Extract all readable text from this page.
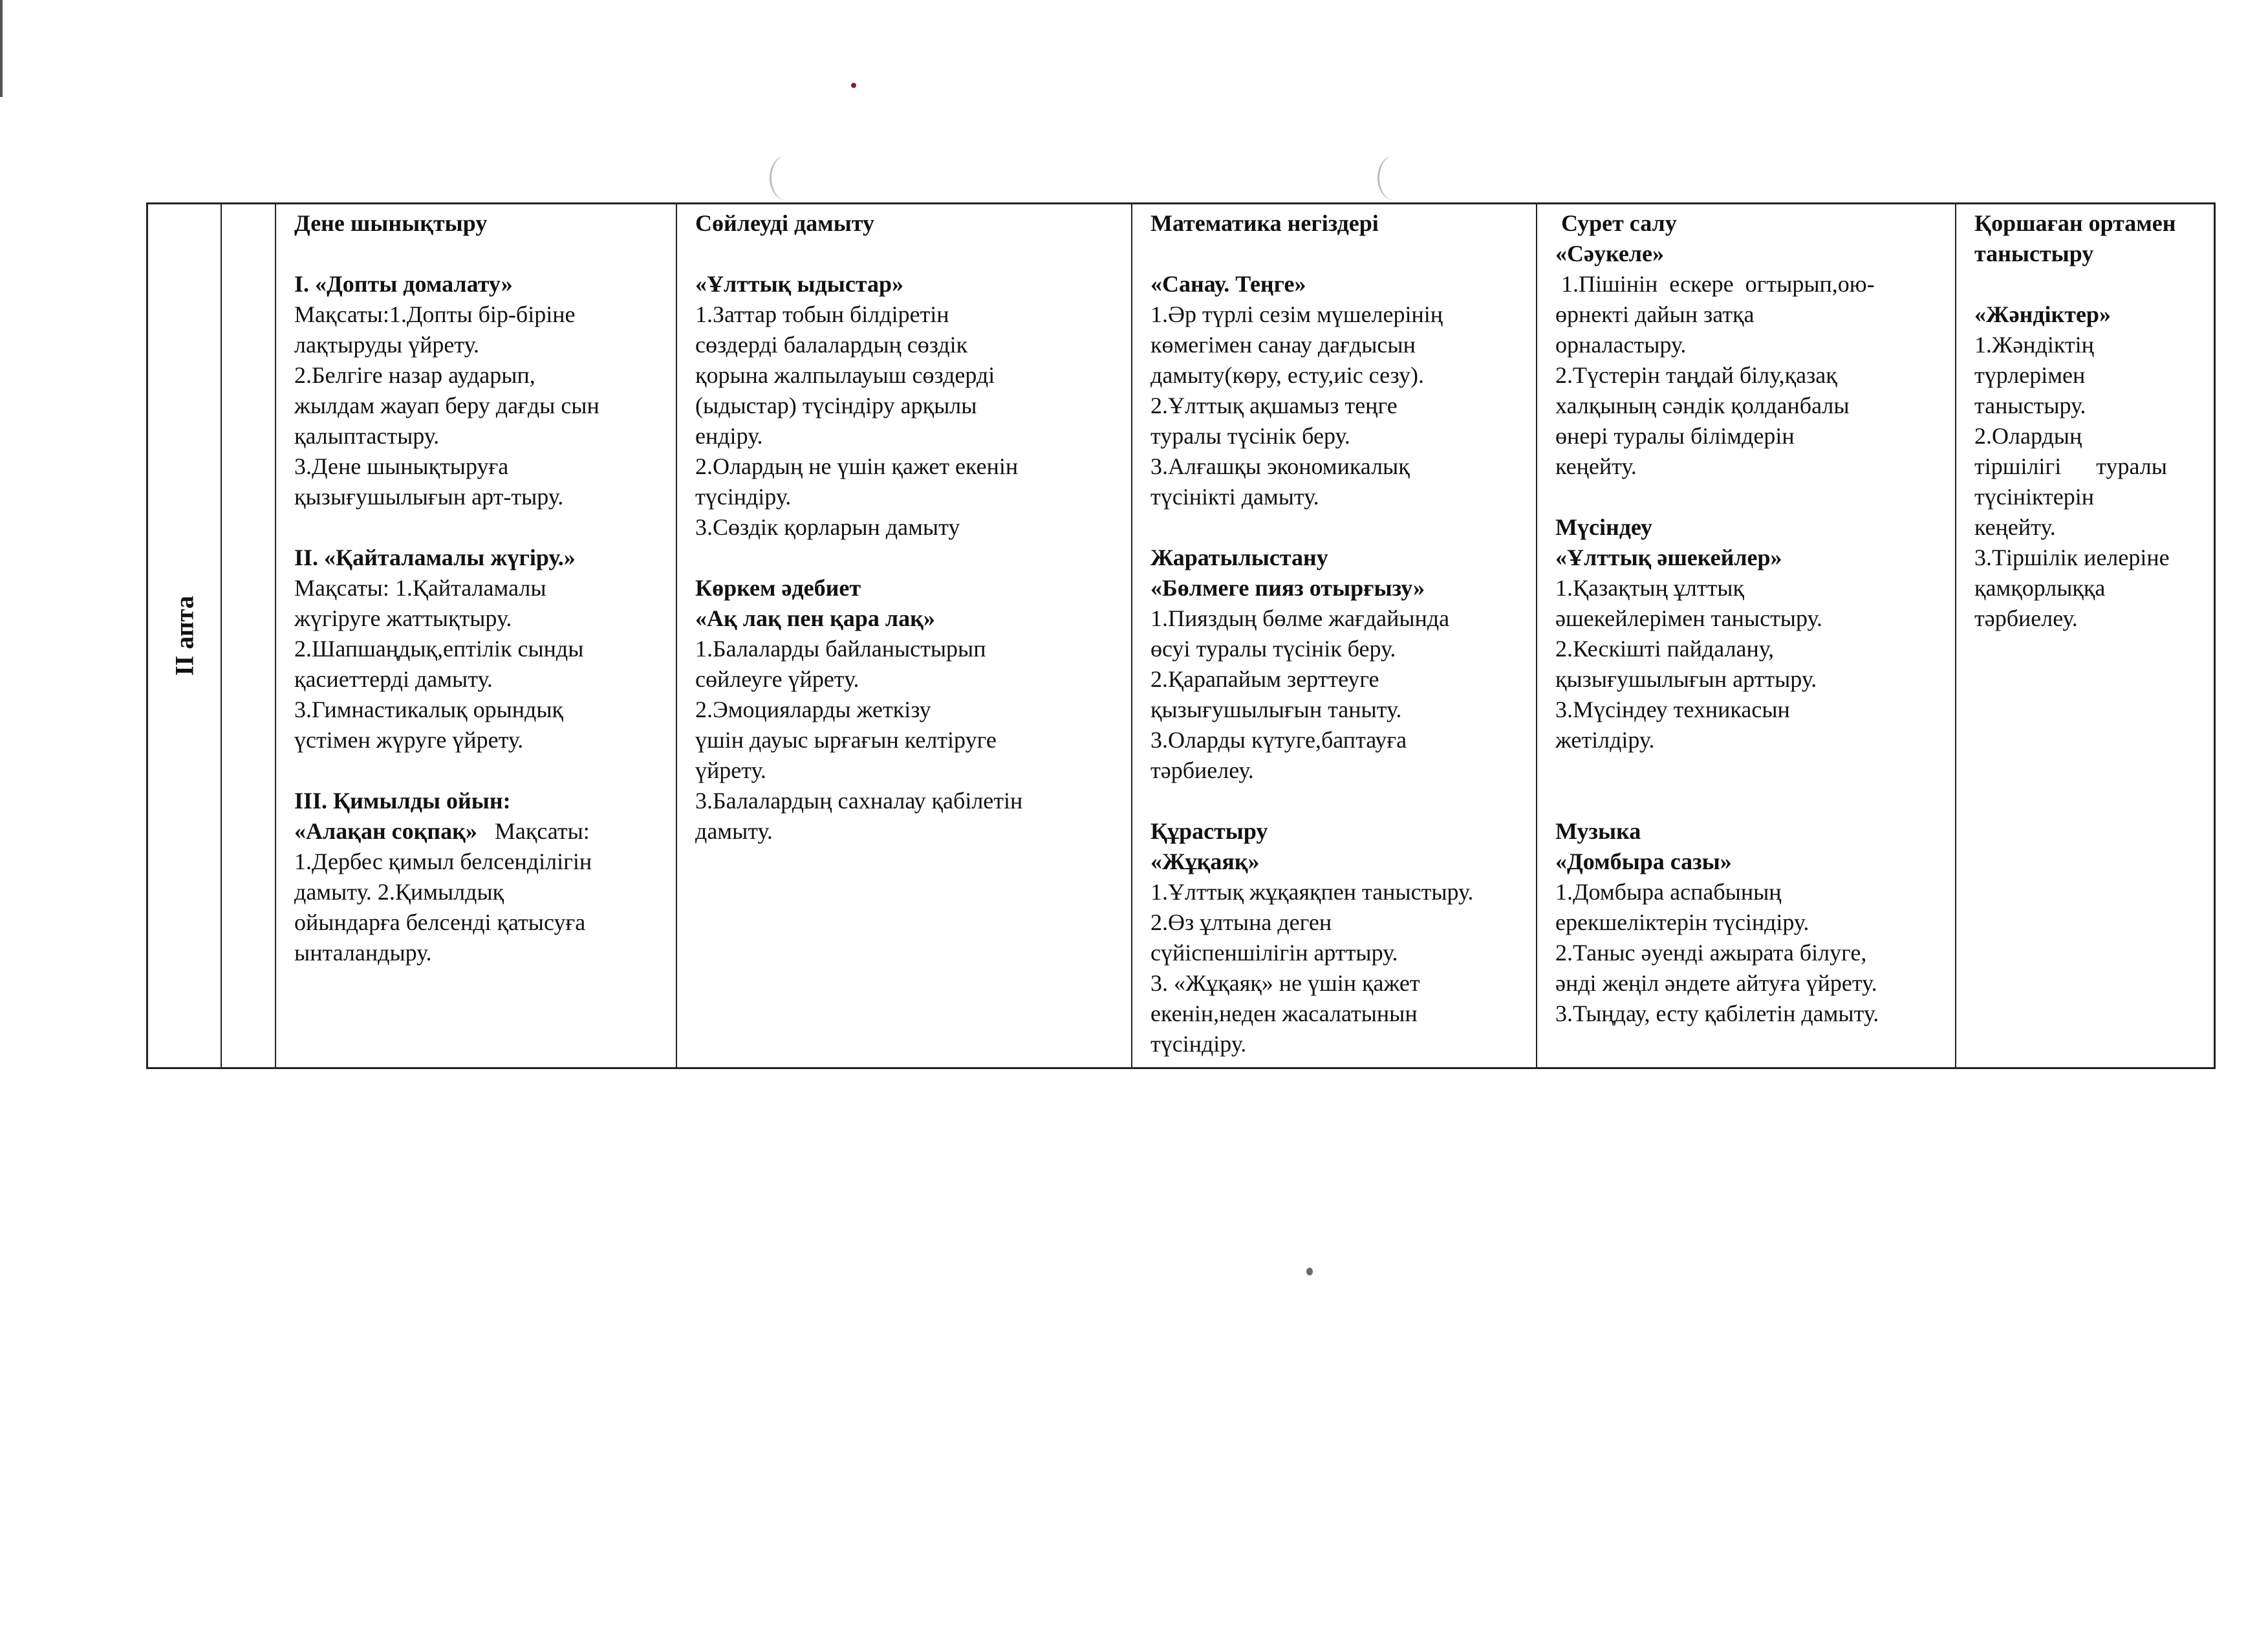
II апта

Дене шынықтыру

I. «Допты домалату»

Мақсаты:1.Допты бір-біріне

лақтыруды үйрету.

2.Белгіге назар аударып,

жылдам жауап беру дағды сын

қалыптастыру.

3.Дене шынықтыруға

қызығушылығын арт-тыру.

II. «Қайталамалы жүгіру.»

Мақсаты: 1.Қайталамалы

жүгіруге жаттықтыру.

2.Шапшаңдық,ептілік сынды

қасиеттерді дамыту.

3.Гимнастикалық орындық

үстімен жүруге үйрету.

III. Қимылды ойын:

«Алақан соқпақ»   Мақсаты:

1.Дербес қимыл белсенділігін

дамыту. 2.Қимылдық

ойындарға белсенді қатысуға

ынталандыру.

Сөйлеуді дамыту

«Ұлттық ыдыстар»

1.Заттар тобын білдіретін

сөздерді балалардың сөздік

қорына жалпылауыш сөздерді

(ыдыстар) түсіндіру арқылы

ендіру.

2.Олардың не үшін қажет екенін

түсіндіру.

3.Сөздік қорларын дамыту

Көркем әдебиет

«Ақ лақ пен қара лақ»

1.Балаларды байланыстырып

сөйлеуге үйрету.

2.Эмоцияларды жеткізу

үшін дауыс ырғағын келтіруге

үйрету.

3.Балалардың сахналау қабілетін

дамыту.

Математика негіздері

«Санау. Теңге»

1.Әр түрлі сезім мүшелерінің

көмегімен санау дағдысын

дамыту(көру, есту,иіс сезу).

2.Ұлттық ақшамыз теңге

туралы түсінік беру.

3.Алғашқы экономикалық

түсінікті дамыту.

Жаратылыстану

«Бөлмеге пияз отырғызу»

1.Пияздың бөлме жағдайында

өсуі туралы түсінік беру.

2.Қарапайым зерттеуге

қызығушылығын таныту.

3.Оларды күтуге,баптауға

тәрбиелеу.

Құрастыру

«Жұқаяқ»

1.Ұлттық жұқаяқпен таныстыру.

2.Өз ұлтына деген

сүйіспеншілігін арттыру.

3. «Жұқаяқ» не үшін қажет

екенін,неден жасалатынын

түсіндіру.

Сурет салу

«Сәукеле»

1.Пішінін  ескере  огтырып,ою-

өрнекті дайын затқа

орналастыру.

2.Түстерін таңдай білу,қазақ

халқының сәндік қолданбалы

өнері туралы білімдерін

кеңейту.

Мүсіндеу

«Ұлттық әшекейлер»

1.Қазақтың ұлттық

әшекейлерімен таныстыру.

2.Кескішті пайдалану,

қызығушылығын арттыру.

3.Мүсіндеу техникасын

жетілдіру.

Музыка

«Домбыра сазы»

1.Домбыра аспабының

ерекшеліктерін түсіндіру.

2.Таныс әуенді ажырата білуге,

әнді жеңіл әндете айтуға үйрету.

3.Тыңдау, есту қабілетін дамыту.

Қоршаған ортамен

таныстыру

«Жәндіктер»

1.Жәндіктің

түрлерімен

таныстыру.

2.Олардың

тіршілігі      туралы

түсініктерін

кеңейту.

3.Тіршілік иелеріне

қамқорлыққа

тәрбиелеу.
